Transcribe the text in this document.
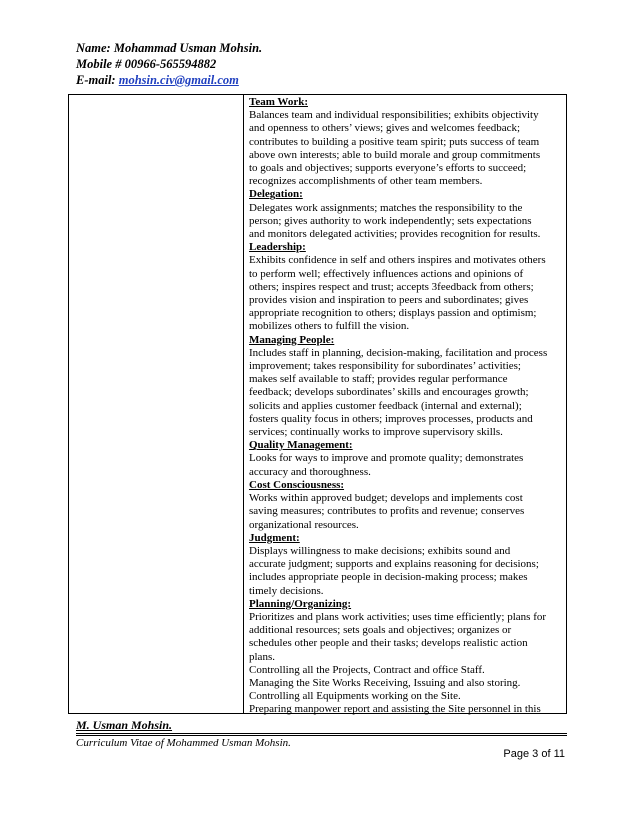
Name: Mohammad Usman Mohsin.
Mobile # 00966-565594882
E-mail: mohsin.civ@gmail.com
Team Work:

Balances team and individual responsibilities; exhibits objectivity

and openness to others’ views; gives and welcomes feedback;

contributes to building a positive team spirit; puts success of team

above own interests; able to build morale and group commitments

to goals and objectives; supports everyone’s efforts to succeed;

recognizes accomplishments of other team members.

Delegation:

Delegates work assignments; matches the responsibility to the

person; gives authority to work independently; sets expectations

and monitors delegated activities; provides recognition for results.

Leadership:

Exhibits confidence in self and others inspires and motivates others

to perform well; effectively influences actions and opinions of

others; inspires respect and trust; accepts 3feedback from others;

provides vision and inspiration to peers and subordinates; gives

appropriate recognition to others; displays passion and optimism;

mobilizes others to fulfill the vision.

Managing People:

Includes staff in planning, decision-making, facilitation and process

improvement; takes responsibility for subordinates’ activities;

makes self available to staff; provides regular performance

feedback; develops subordinates’ skills and encourages growth;

solicits and applies customer feedback (internal and external);

fosters quality focus in others; improves processes, products and

services; continually works to improve supervisory skills.

Quality Management:

Looks for ways to improve and promote quality; demonstrates

accuracy and thoroughness.

Cost Consciousness:

Works within approved budget; develops and implements cost

saving measures; contributes to profits and revenue; conserves

organizational resources.

Judgment:

Displays willingness to make decisions; exhibits sound and

accurate judgment; supports and explains reasoning for decisions;

includes appropriate people in decision-making process; makes

timely decisions.

Planning/Organizing:

Prioritizes and plans work activities; uses time efficiently; plans for

additional resources; sets goals and objectives; organizes or

schedules other people and their tasks; develops realistic action

plans.

Controlling all the Projects, Contract and office Staff.

Managing the Site Works Receiving, Issuing and also storing.

Controlling all Equipments working on the Site.

Preparing manpower report and assisting the Site personnel in this

M. Usman Mohsin.
Curriculum Vitae of Mohammed Usman Mohsin.
Page 3 of 11
